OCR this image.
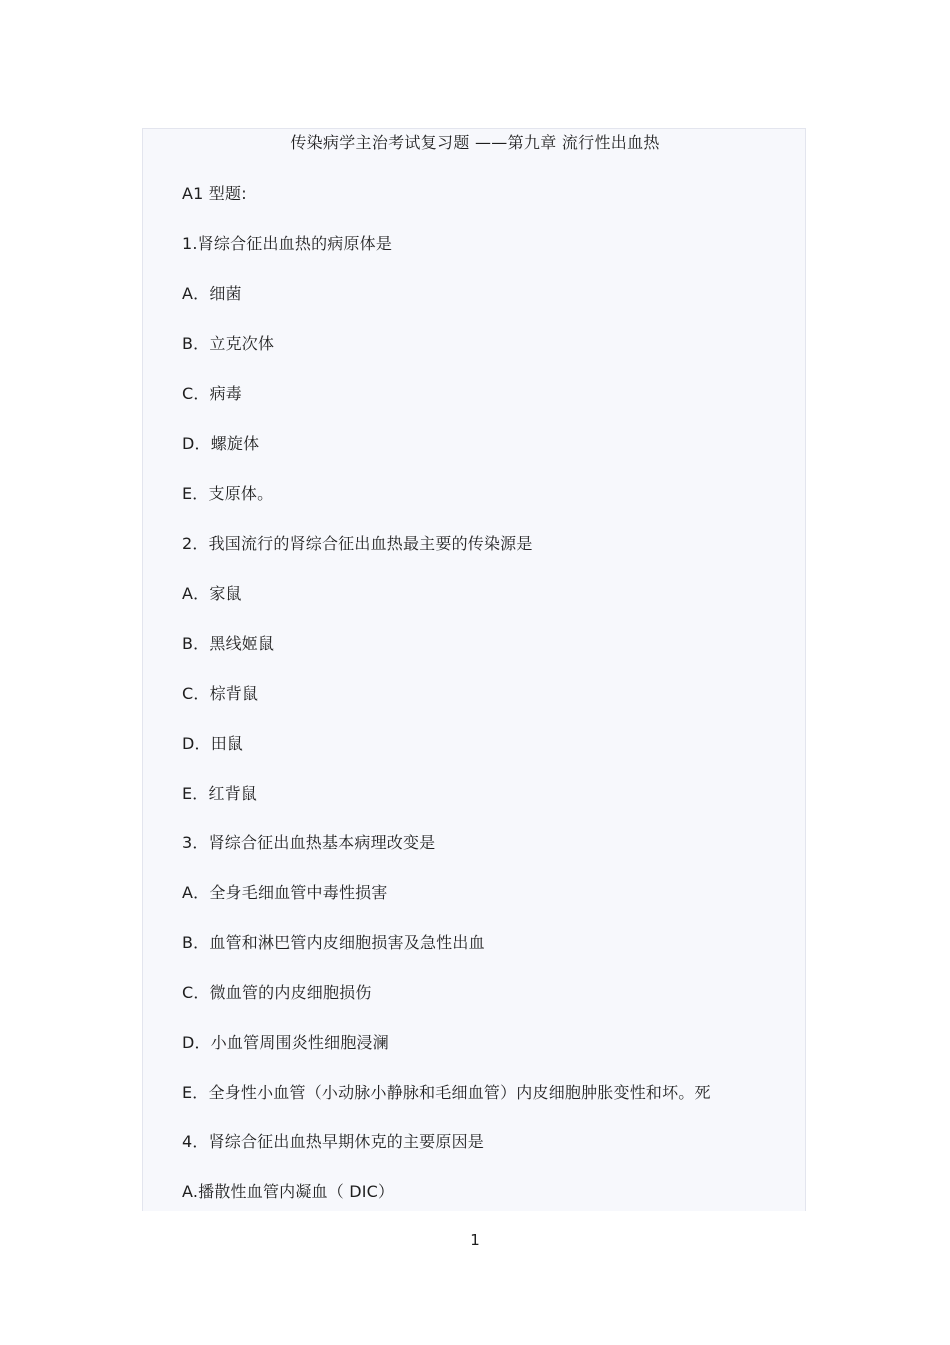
传染病学主治考试复习题 ——第九章 流行性出血热
A1 型题:
1.肾综合征出血热的病原体是
A．细菌
B．立克次体
C．病毒
D．螺旋体
E．支原体。
2．我国流行的肾综合征出血热最主要的传染源是
A．家鼠
B．黑线姬鼠
C．棕背鼠
D．田鼠
E．红背鼠
3．肾综合征出血热基本病理改变是
A．全身毛细血管中毒性损害
B．血管和淋巴管内皮细胞损害及急性出血
C．微血管的内皮细胞损伤
D．小血管周围炎性细胞浸澜
E．全身性小血管（小动脉小静脉和毛细血管）内皮细胞肿胀变性和坏。死
4．肾综合征出血热早期休克的主要原因是
A.播散性血管内凝血（ DIC）
1
